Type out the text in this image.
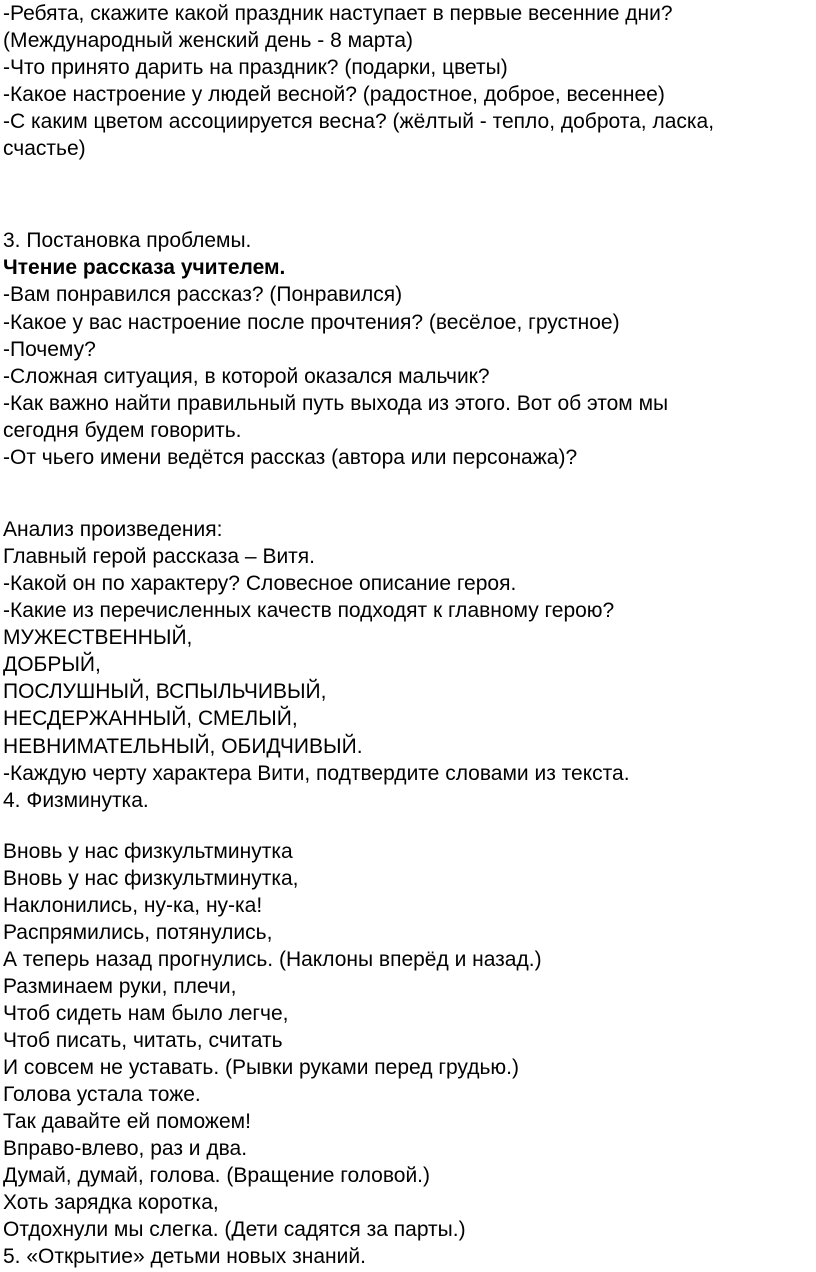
-Ребята, скажите какой праздник наступает в первые весенние дни?
(Международный женский день - 8 марта)
-Что принято дарить на праздник? (подарки, цветы)
-Какое настроение у людей весной? (радостное, доброе, весеннее)
-С каким цветом ассоциируется весна? (жёлтый - тепло, доброта, ласка,
счастье)
3. Постановка проблемы.
Чтение рассказа учителем.
-Вам понравился рассказ? (Понравился)
-Какое у вас настроение после прочтения? (весёлое, грустное)
-Почему?
-Сложная ситуация, в которой оказался мальчик?
-Как важно найти правильный путь выхода из этого. Вот об этом мы
сегодня будем говорить.
-От чьего имени ведётся рассказ (автора или персонажа)?
Анализ произведения:
Главный герой рассказа – Витя.
-Какой он по характеру? Словесное описание героя.
-Какие из перечисленных качеств подходят к главному герою?
МУЖЕСТВЕННЫЙ,
ДОБРЫЙ,
ПОСЛУШНЫЙ, ВСПЫЛЬЧИВЫЙ,
НЕСДЕРЖАННЫЙ, СМЕЛЫЙ,
НЕВНИМАТЕЛЬНЫЙ, ОБИДЧИВЫЙ.
-Каждую черту характера Вити, подтвердите словами из текста.
4. Физминутка.
Вновь у нас физкультминутка
Вновь у нас физкультминутка,
Наклонились, ну-ка, ну-ка!
Распрямились, потянулись,
А теперь назад прогнулись. (Наклоны вперёд и назад.)
Разминаем руки, плечи,
Чтоб сидеть нам было легче,
Чтоб писать, читать, считать
И совсем не уставать. (Рывки руками перед грудью.)
Голова устала тоже.
Так давайте ей поможем!
Вправо-влево, раз и два.
Думай, думай, голова. (Вращение головой.)
Хоть зарядка коротка,
Отдохнули мы слегка. (Дети садятся за парты.)
5. «Открытие» детьми новых знаний.
